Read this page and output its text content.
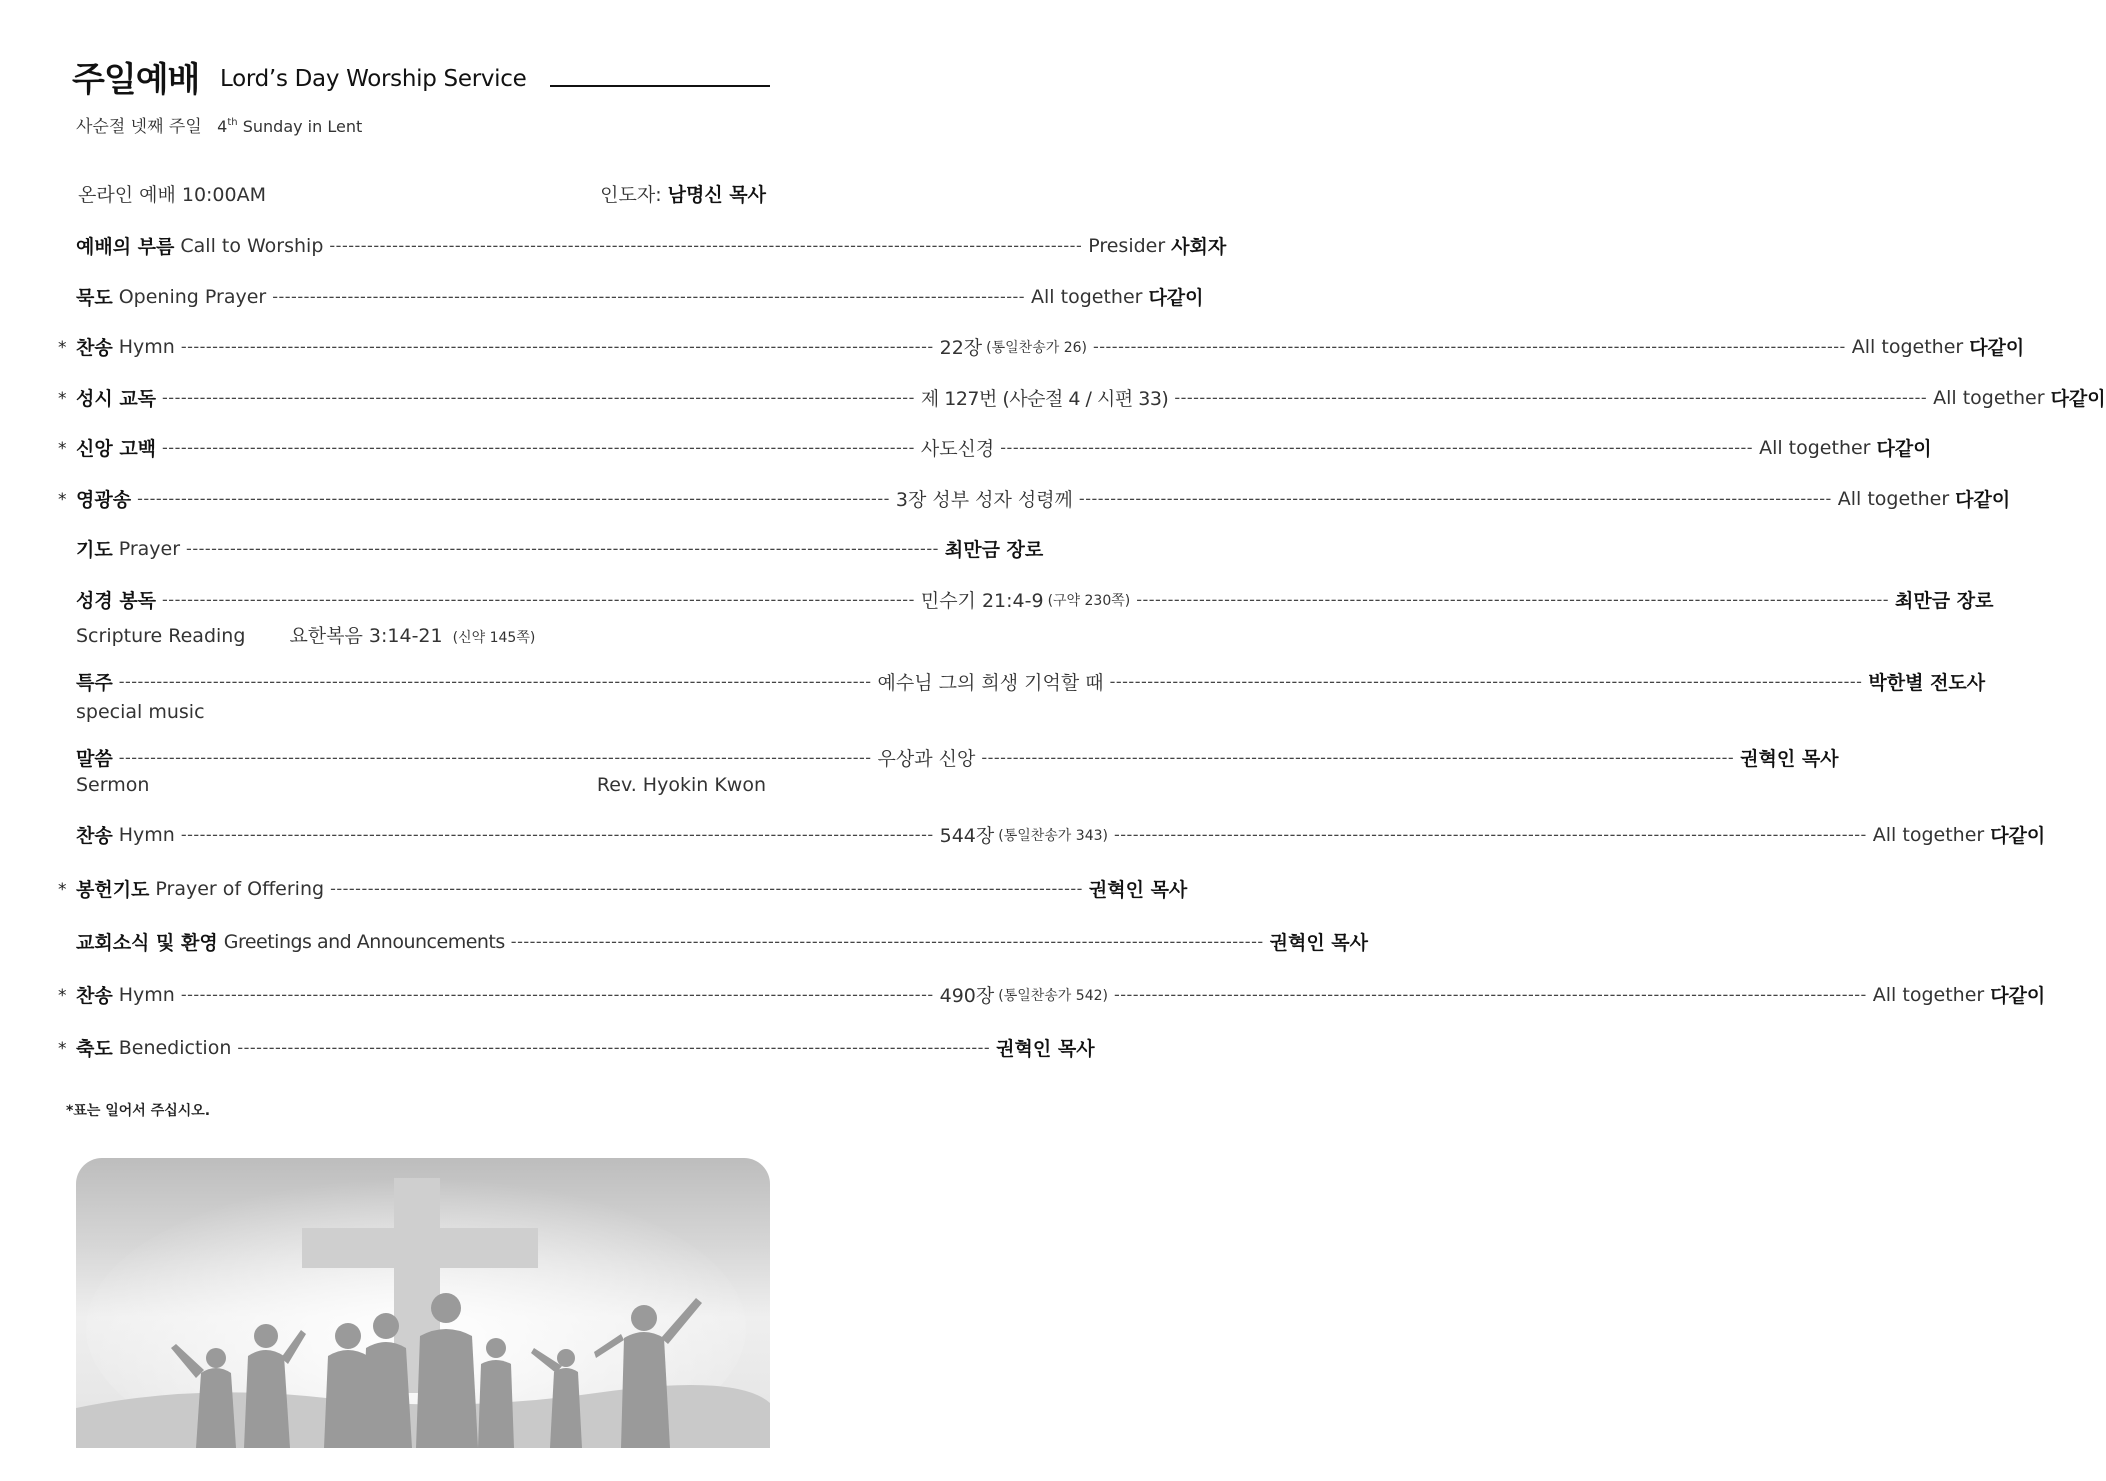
주일예배 Lord’s Day Worship Service
사순절 넷째 주일 4th Sunday in Lent
온라인 예배 10:00AM	인도자: 남명신 목사
예배의 부름 Call to Worship ------------------------------------------------------------------------------------------------------------------------ Presider 사회자
묵도 Opening Prayer ------------------------------------------------------------------------------------------------------------------------ All together 다같이
* 찬송 Hymn ------------------------------------------------------------------------------------------------------------------------ 22장 (통일찬송가 26) ------------------------------------------------------------------------------------------------------------------------ All together 다같이
* 성시 교독 ------------------------------------------------------------------------------------------------------------------------ 제 127번 (사순절 4 / 시편 33) ------------------------------------------------------------------------------------------------------------------------ All together 다같이
* 신앙 고백 ------------------------------------------------------------------------------------------------------------------------ 사도신경 ------------------------------------------------------------------------------------------------------------------------ All together 다같이
* 영광송 ------------------------------------------------------------------------------------------------------------------------ 3장 성부 성자 성령께 ------------------------------------------------------------------------------------------------------------------------ All together 다같이
기도 Prayer ------------------------------------------------------------------------------------------------------------------------ 최만금 장로
성경 봉독 ------------------------------------------------------------------------------------------------------------------------ 민수기 21:4-9 (구약 230쪽) ------------------------------------------------------------------------------------------------------------------------ 최만금 장로
Scripture Reading 요한복음 3:14-21 (신약 145쪽)
특주 ------------------------------------------------------------------------------------------------------------------------ 예수님 그의 희생 기억할 때 ------------------------------------------------------------------------------------------------------------------------ 박한별 전도사
special music
말씀 ------------------------------------------------------------------------------------------------------------------------ 우상과 신앙 ------------------------------------------------------------------------------------------------------------------------ 권혁인 목사
Sermon	Rev. Hyokin Kwon
찬송 Hymn ------------------------------------------------------------------------------------------------------------------------ 544장 (통일찬송가 343) ------------------------------------------------------------------------------------------------------------------------ All together 다같이
* 봉헌기도 Prayer of Offering ------------------------------------------------------------------------------------------------------------------------ 권혁인 목사
교회소식 및 환영 Greetings and Announcements ------------------------------------------------------------------------------------------------------------------------ 권혁인 목사
* 찬송 Hymn ------------------------------------------------------------------------------------------------------------------------ 490장 (통일찬송가 542) ------------------------------------------------------------------------------------------------------------------------ All together 다같이
* 축도 Benediction ------------------------------------------------------------------------------------------------------------------------ 권혁인 목사
*표는 일어서 주십시오.
